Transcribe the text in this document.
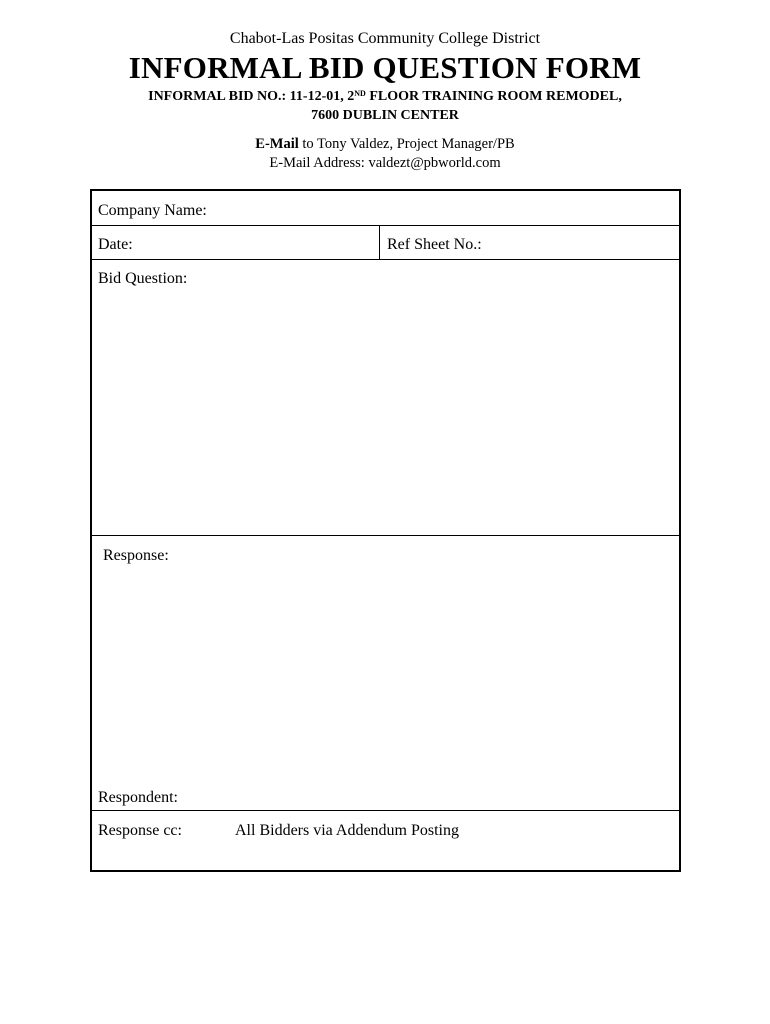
Chabot-Las Positas Community College District
INFORMAL BID QUESTION FORM
INFORMAL BID NO.: 11-12-01, 2ND FLOOR TRAINING ROOM REMODEL,
7600 DUBLIN CENTER
E-Mail to Tony Valdez, Project Manager/PB
E-Mail Address: valdezt@pbworld.com
Company Name:
Date:	Ref Sheet No.:
Bid Question:
Response:
Respondent:
Response cc:	All Bidders via Addendum Posting
